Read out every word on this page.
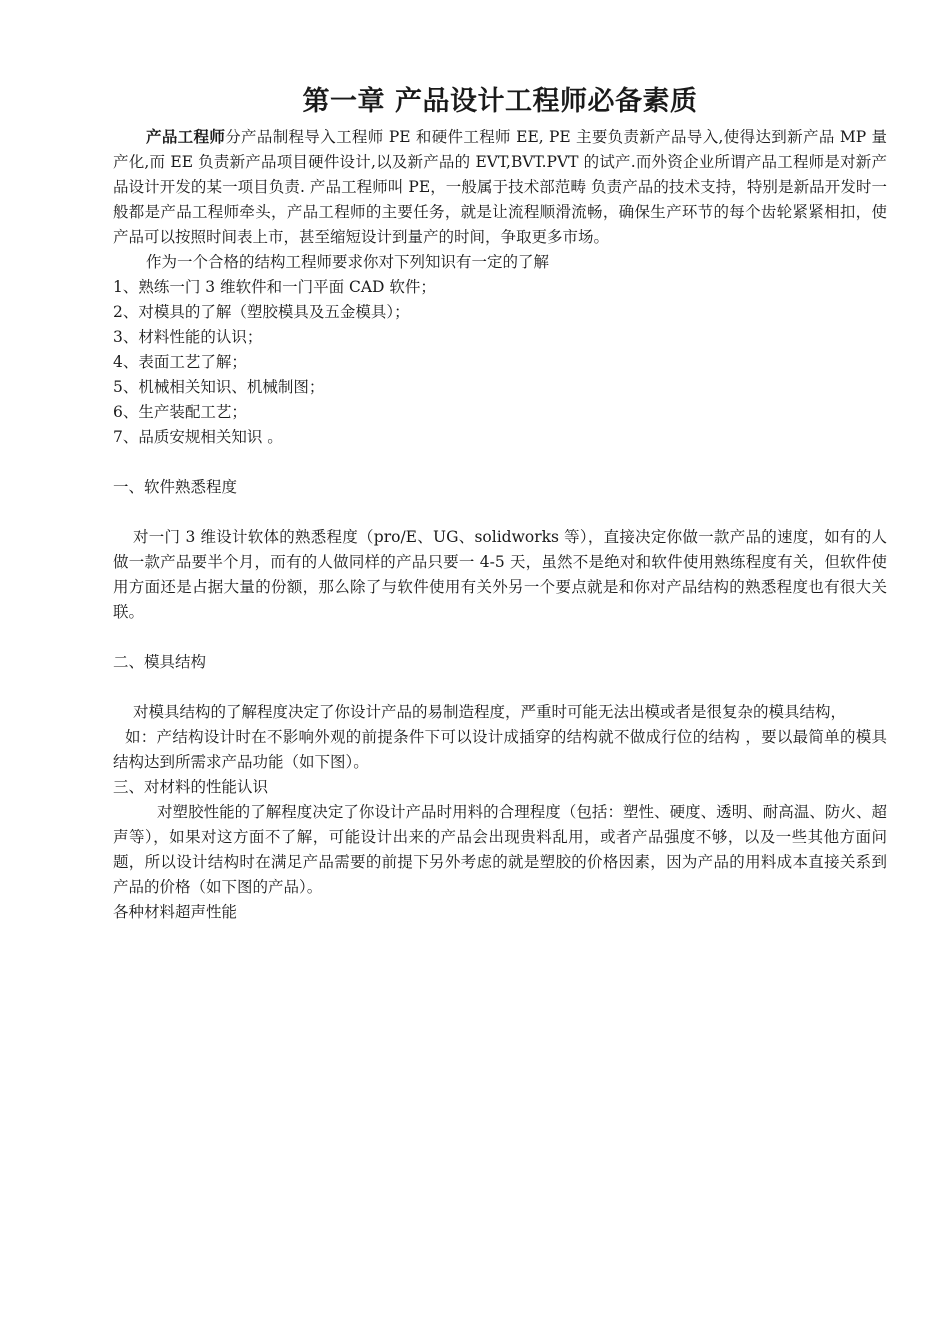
第一章 产品设计工程师必备素质

产品工程师分产品制程导入工程师 PE 和硬件工程师 EE, PE 主要负责新产品导入,使得达到新产品 MP 量产化,而 EE 负责新产品项目硬件设计,以及新产品的 EVT,BVT.PVT 的试产.而外资企业所谓产品工程师是对新产品设计开发的某一项目负责. 产品工程师叫 PE，一般属于技术部范畴 负责产品的技术支持，特别是新品开发时一般都是产品工程师牵头，产品工程师的主要任务，就是让流程顺滑流畅，确保生产环节的每个齿轮紧紧相扣，使产品可以按照时间表上市，甚至缩短设计到量产的时间，争取更多市场。

作为一个合格的结构工程师要求你对下列知识有一定的了解

1、熟练一门 3 维软件和一门平面 CAD 软件；
2、对模具的了解（塑胶模具及五金模具）；
3、材料性能的认识；
4、表面工艺了解；
5、机械相关知识、机械制图；
6、生产装配工艺；
7、品质安规相关知识 。
一、软件熟悉程度

对一门 3 维设计软体的熟悉程度（pro/E、UG、solidworks 等），直接决定你做一款产品的速度，如有的人做一款产品要半个月，而有的人做同样的产品只要一 4-5 天，虽然不是绝对和软件使用熟练程度有关，但软件使用方面还是占据大量的份额，那么除了与软件使用有关外另一个要点就是和你对产品结构的熟悉程度也有很大关联。

二、模具结构

对模具结构的了解程度决定了你设计产品的易制造程度，严重时可能无法出模或者是很复杂的模具结构，

如：产结构设计时在不影响外观的前提条件下可以设计成插穿的结构就不做成行位的结构 ，要以最简单的模具结构达到所需求产品功能（如下图）。

三、对材料的性能认识

对塑胶性能的了解程度决定了你设计产品时用料的合理程度（包括：塑性、硬度、透明、耐高温、防火、超声等），如果对这方面不了解，可能设计出来的产品会出现贵料乱用，或者产品强度不够，以及一些其他方面问题，所以设计结构时在满足产品需要的前提下另外考虑的就是塑胶的价格因素，因为产品的用料成本直接关系到产品的价格（如下图的产品）。

各种材料超声性能
